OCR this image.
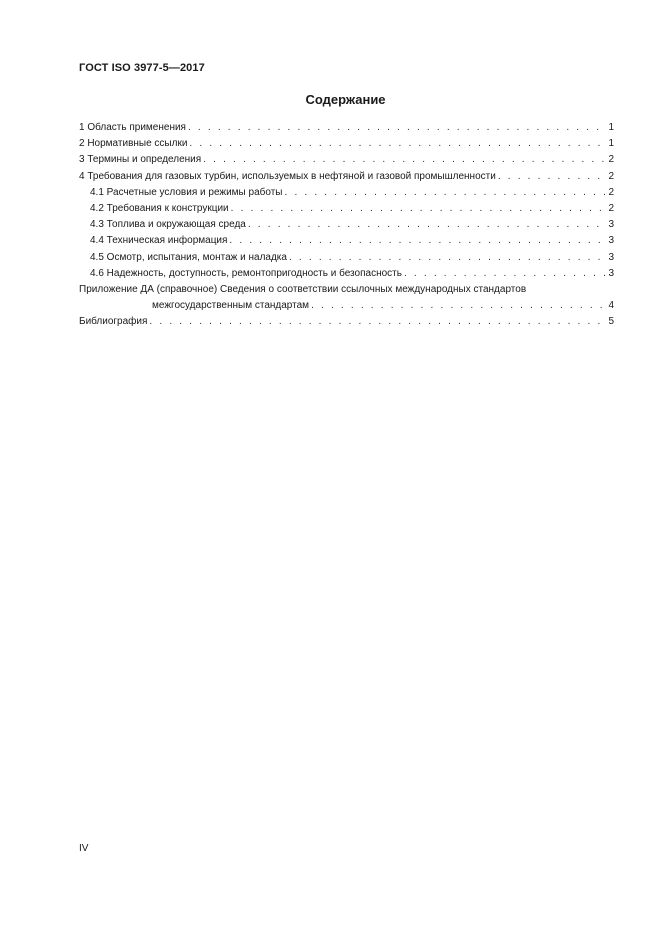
ГОСТ ISO 3977-5—2017
Содержание
1 Область применения . . .	1
2 Нормативные ссылки . . .	1
3 Термины и определения . . .	2
4 Требования для газовых турбин, используемых в нефтяной и газовой промышленности . . .	2
4.1 Расчетные условия и режимы работы . . .	2
4.2 Требования к конструкции . . .	2
4.3 Топлива и окружающая среда . . .	3
4.4 Техническая информация . . .	3
4.5 Осмотр, испытания, монтаж и наладка . . .	3
4.6 Надежность, доступность, ремонтопригодность и безопасность . . .	3
Приложение ДА (справочное) Сведения о соответствии ссылочных международных стандартов
межгосударственным стандартам . . .	4
Библиография . . .	5
IV
